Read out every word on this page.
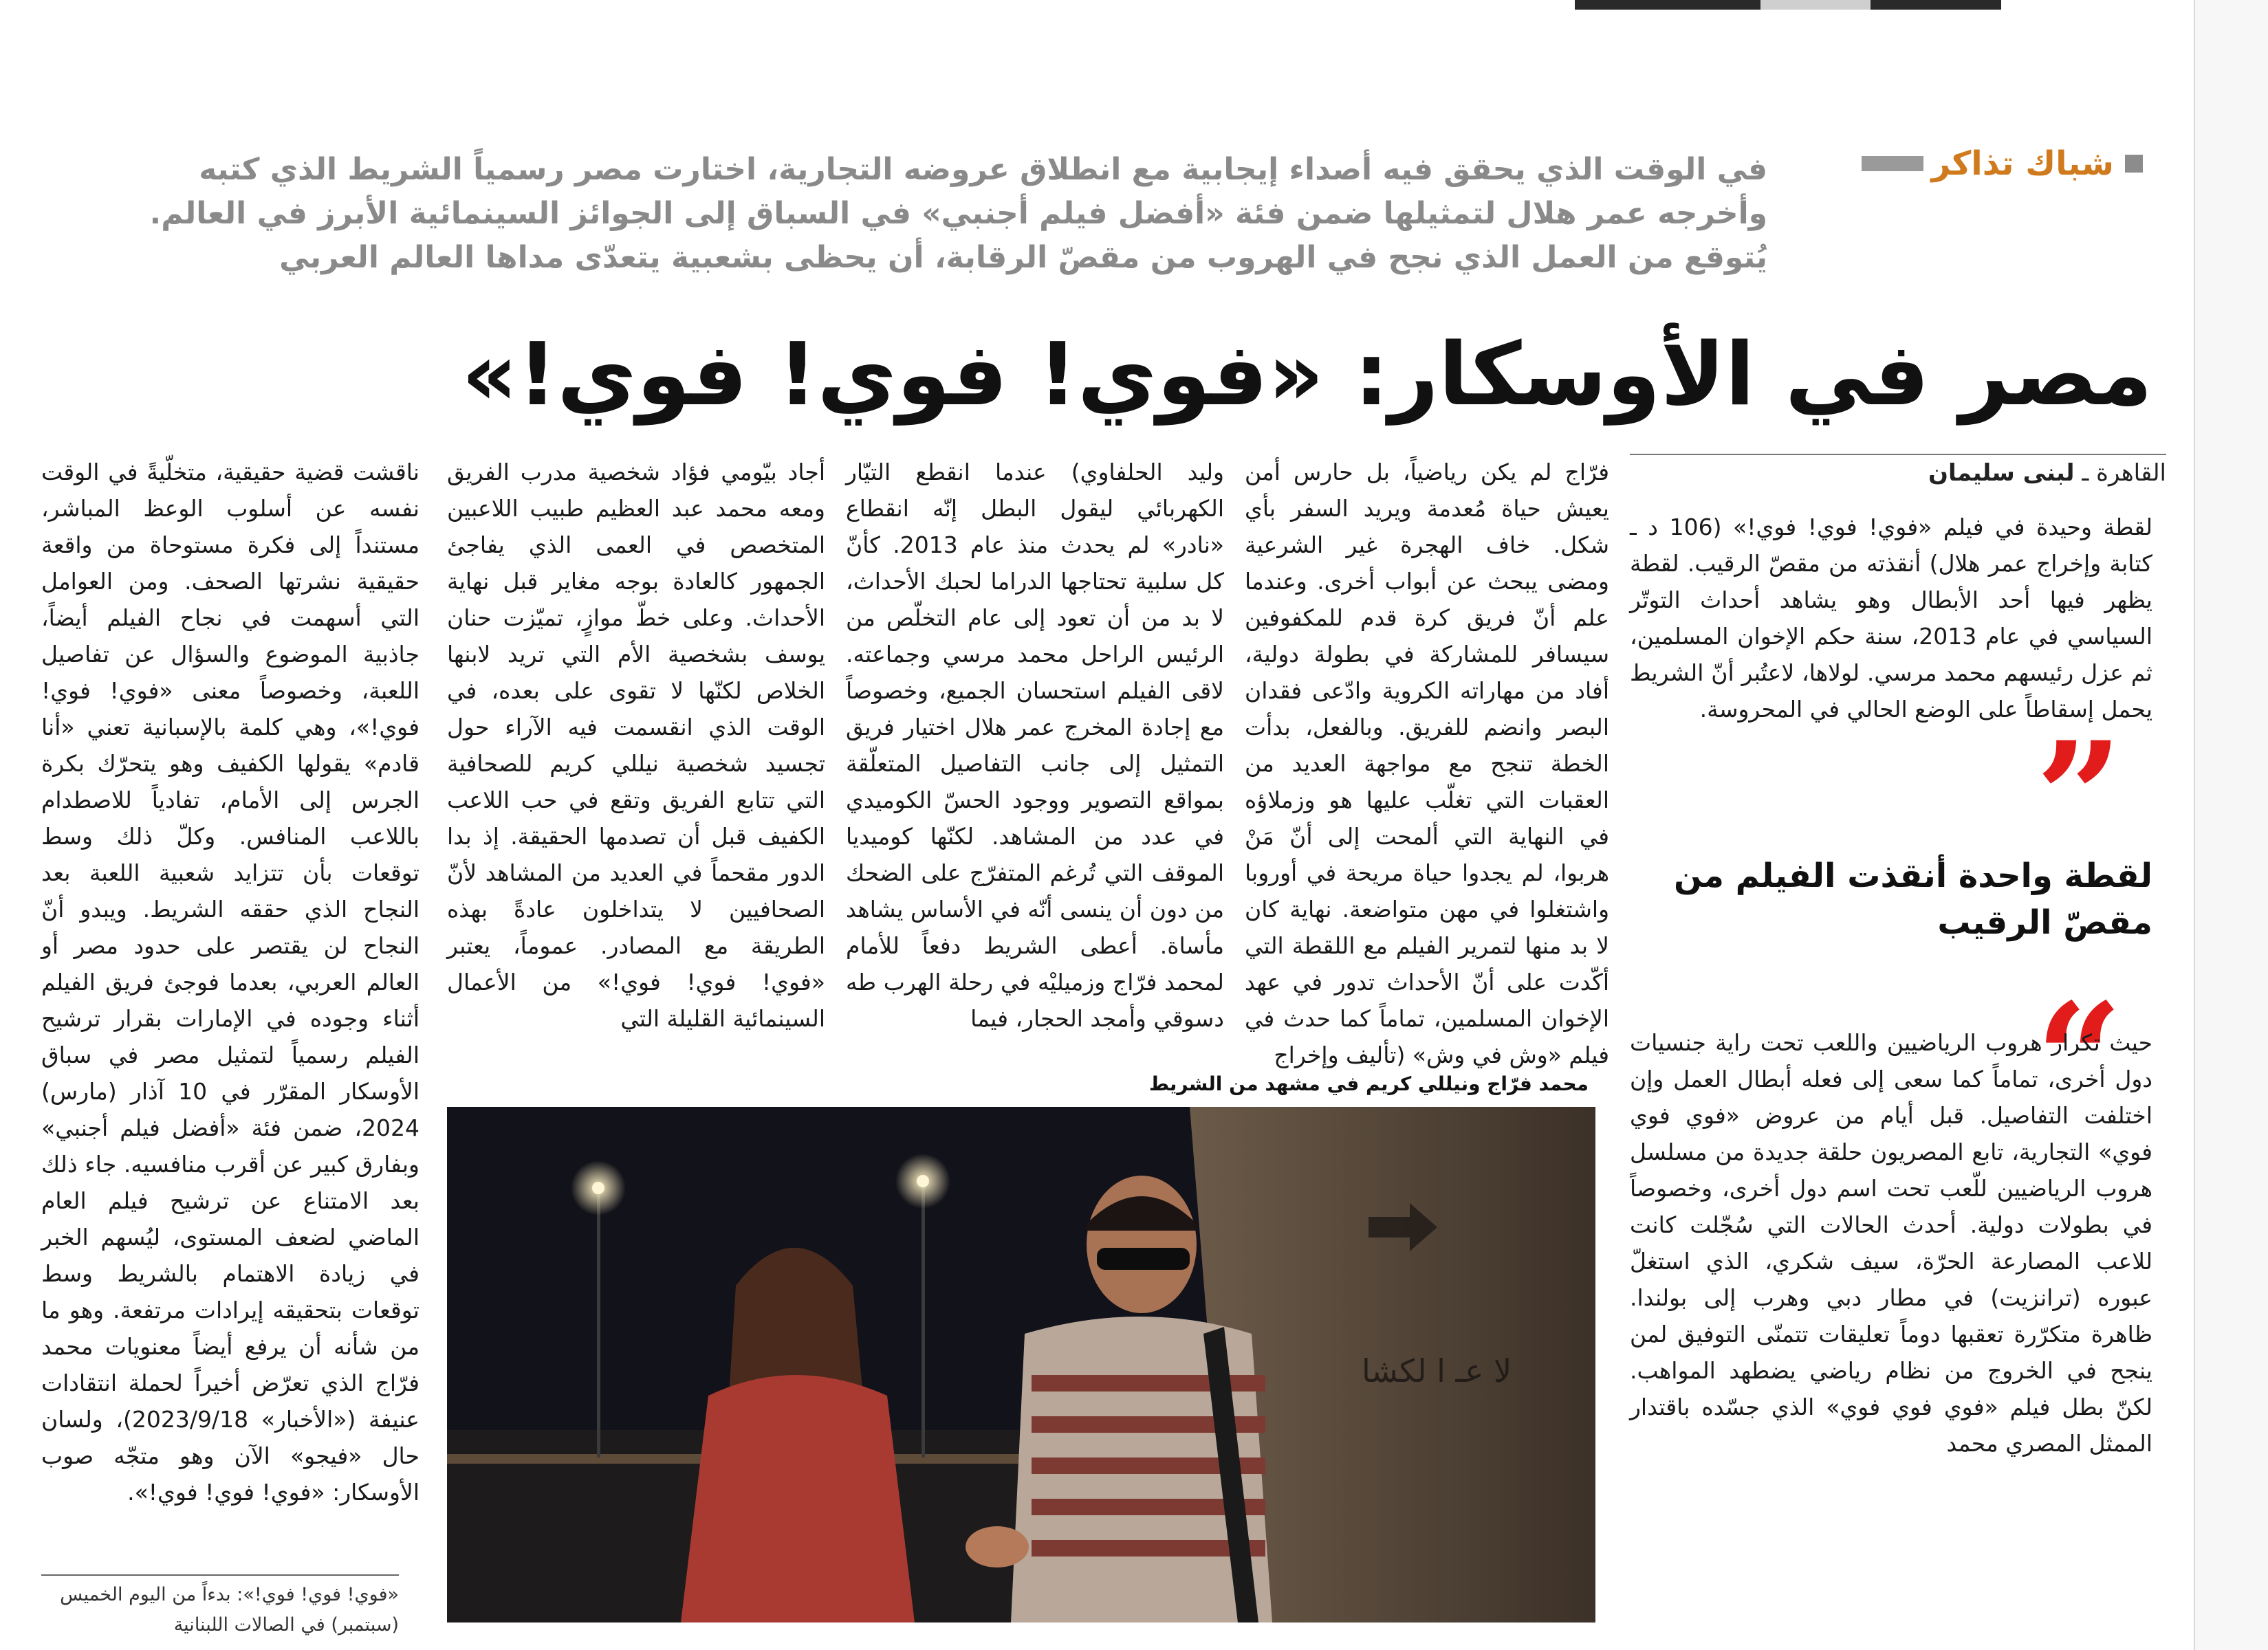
شباك تذاكر
في الوقت الذي يحقق فيه أصداء إيجابية مع انطلاق عروضه التجارية، اختارت مصر رسمياً الشريط الذي كتبه
وأخرجه عمر هلال لتمثيلها ضمن فئة «أفضل فيلم أجنبي» في السباق إلى الجوائز السينمائية الأبرز في العالم.
يُتوقع من العمل الذي نجح في الهروب من مقصّ الرقابة، أن يحظى بشعبية يتعدّى مداها العالم العربي
مصر في الأوسكار: «فوي! فوي! فوي!»
القاهرة ـ لبنى سليمان

لقطة وحيدة في فيلم «فوي! فوي! فوي!» (106 د ـ كتابة وإخراج عمر هلال) أنقذته من مقصّ الرقيب. لقطة يظهر فيها أحد الأبطال وهو يشاهد أحداث التوتّر السياسي في عام 2013، سنة حكم الإخوان المسلمين، ثم عزل رئيسهم محمد مرسي. لولاها، لاعتُبر أنّ الشريط يحمل إسقاطاً على الوضع الحالي في المحروسة.

”
لقطة واحدة أنقذت الفيلم من مقصّ الرقيب
“

حيث تكرار هروب الرياضيين واللعب تحت راية جنسيات دول أخرى، تماماً كما سعى إلى فعله أبطال العمل وإن اختلفت التفاصيل. قبل أيام من عروض «فوي فوي فوي» التجارية، تابع المصريون حلقة جديدة من مسلسل هروب الرياضيين للّعب تحت اسم دول أخرى، وخصوصاً في بطولات دولية. أحدث الحالات التي سُجّلت كانت للاعب المصارعة الحرّة، سيف شكري، الذي استغلّ عبوره (ترانزيت) في مطار دبي وهرب إلى بولندا. ظاهرة متكرّرة تعقبها دوماً تعليقات تتمنّى التوفيق لمن ينجح في الخروج من نظام رياضي يضطهد المواهب. لكنّ بطل فيلم «فوي فوي فوي» الذي جسّده باقتدار الممثل المصري محمد

فرّاج لم يكن رياضياً، بل حارس أمن يعيش حياة مُعدمة ويريد السفر بأي شكل. خاف الهجرة غير الشرعية ومضى يبحث عن أبواب أخرى. وعندما علم أنّ فريق كرة قدم للمكفوفين سيسافر للمشاركة في بطولة دولية، أفاد من مهاراته الكروية وادّعى فقدان البصر وانضم للفريق. وبالفعل، بدأت الخطة تنجح مع مواجهة العديد من العقبات التي تغلّب عليها هو وزملاؤه في النهاية التي ألمحت إلى أنّ مَنْ هربوا، لم يجدوا حياة مريحة في أوروبا واشتغلوا في مهن متواضعة. نهاية كان لا بد منها لتمرير الفيلم مع اللقطة التي أكّدت على أنّ الأحداث تدور في عهد الإخوان المسلمين، تماماً كما حدث في فيلم «وش في وش» (تأليف وإخراج

وليد الحلفاوي) عندما انقطع التيّار الكهربائي ليقول البطل إنّه انقطاع «نادر» لم يحدث منذ عام 2013. كأنّ كل سلبية تحتاجها الدراما لحبك الأحداث، لا بد من أن تعود إلى عام التخلّص من الرئيس الراحل محمد مرسي وجماعته. لاقى الفيلم استحسان الجميع، وخصوصاً مع إجادة المخرج عمر هلال اختيار فريق التمثيل إلى جانب التفاصيل المتعلّقة بمواقع التصوير ووجود الحسّ الكوميدي في عدد من المشاهد. لكنّها كوميديا الموقف التي تُرغم المتفرّج على الضحك من دون أن ينسى أنّه في الأساس يشاهد مأساة. أعطى الشريط دفعاً للأمام لمحمد فرّاج وزميليْه في رحلة الهرب طه دسوقي وأمجد الحجار، فيما

أجاد بيّومي فؤاد شخصية مدرب الفريق ومعه محمد عبد العظيم طبيب اللاعبين المتخصص في العمى الذي يفاجئ الجمهور كالعادة بوجه مغاير قبل نهاية الأحداث. وعلى خطّ موازٍ، تميّزت حنان يوسف بشخصية الأم التي تريد لابنها الخلاص لكنّها لا تقوى على بعده، في الوقت الذي انقسمت فيه الآراء حول تجسيد شخصية نيللي كريم للصحافية التي تتابع الفريق وتقع في حب اللاعب الكفيف قبل أن تصدمها الحقيقة. إذ بدا الدور مقحماً في العديد من المشاهد لأنّ الصحافيين لا يتداخلون عادةً بهذه الطريقة مع المصادر. عموماً، يعتبر «فوي! فوي! فوي!» من الأعمال السينمائية القليلة التي

ناقشت قضية حقيقية، متخلّيةً في الوقت نفسه عن أسلوب الوعظ المباشر، مستنداً إلى فكرة مستوحاة من واقعة حقيقية نشرتها الصحف. ومن العوامل التي أسهمت في نجاح الفيلم أيضاً، جاذبية الموضوع والسؤال عن تفاصيل اللعبة، وخصوصاً معنى «فوي! فوي! فوي!»، وهي كلمة بالإسبانية تعني «أنا قادم» يقولها الكفيف وهو يتحرّك بكرة الجرس إلى الأمام، تفادياً للاصطدام باللاعب المنافس. وكلّ ذلك وسط توقعات بأن تتزايد شعبية اللعبة بعد النجاح الذي حققه الشريط. ويبدو أنّ النجاح لن يقتصر على حدود مصر أو العالم العربي، بعدما فوجئ فريق الفيلم أثناء وجوده في الإمارات بقرار ترشيح الفيلم رسمياً لتمثيل مصر في سباق الأوسكار المقرّر في 10 آذار (مارس) 2024، ضمن فئة «أفضل فيلم أجنبي» وبفارق كبير عن أقرب منافسيه. جاء ذلك بعد الامتناع عن ترشيح فيلم العام الماضي لضعف المستوى، ليُسهم الخبر في زيادة الاهتمام بالشريط وسط توقعات بتحقيقه إيرادات مرتفعة. وهو ما من شأنه أن يرفع أيضاً معنويات محمد فرّاج الذي تعرّض أخيراً لحملة انتقادات عنيفة («الأخبار» 2023/9/18)، ولسان حال «فيجو» الآن وهو متجّه صوب الأوسكار: «فوي! فوي! فوي!».

محمد فرّاج ونيللي كريم في مشهد من الشريط
لا عـ ا لكشا
«فوي! فوي! فوي!»: بدءاً من اليوم الخميس (سبتمبر) في الصالات اللبنانية
